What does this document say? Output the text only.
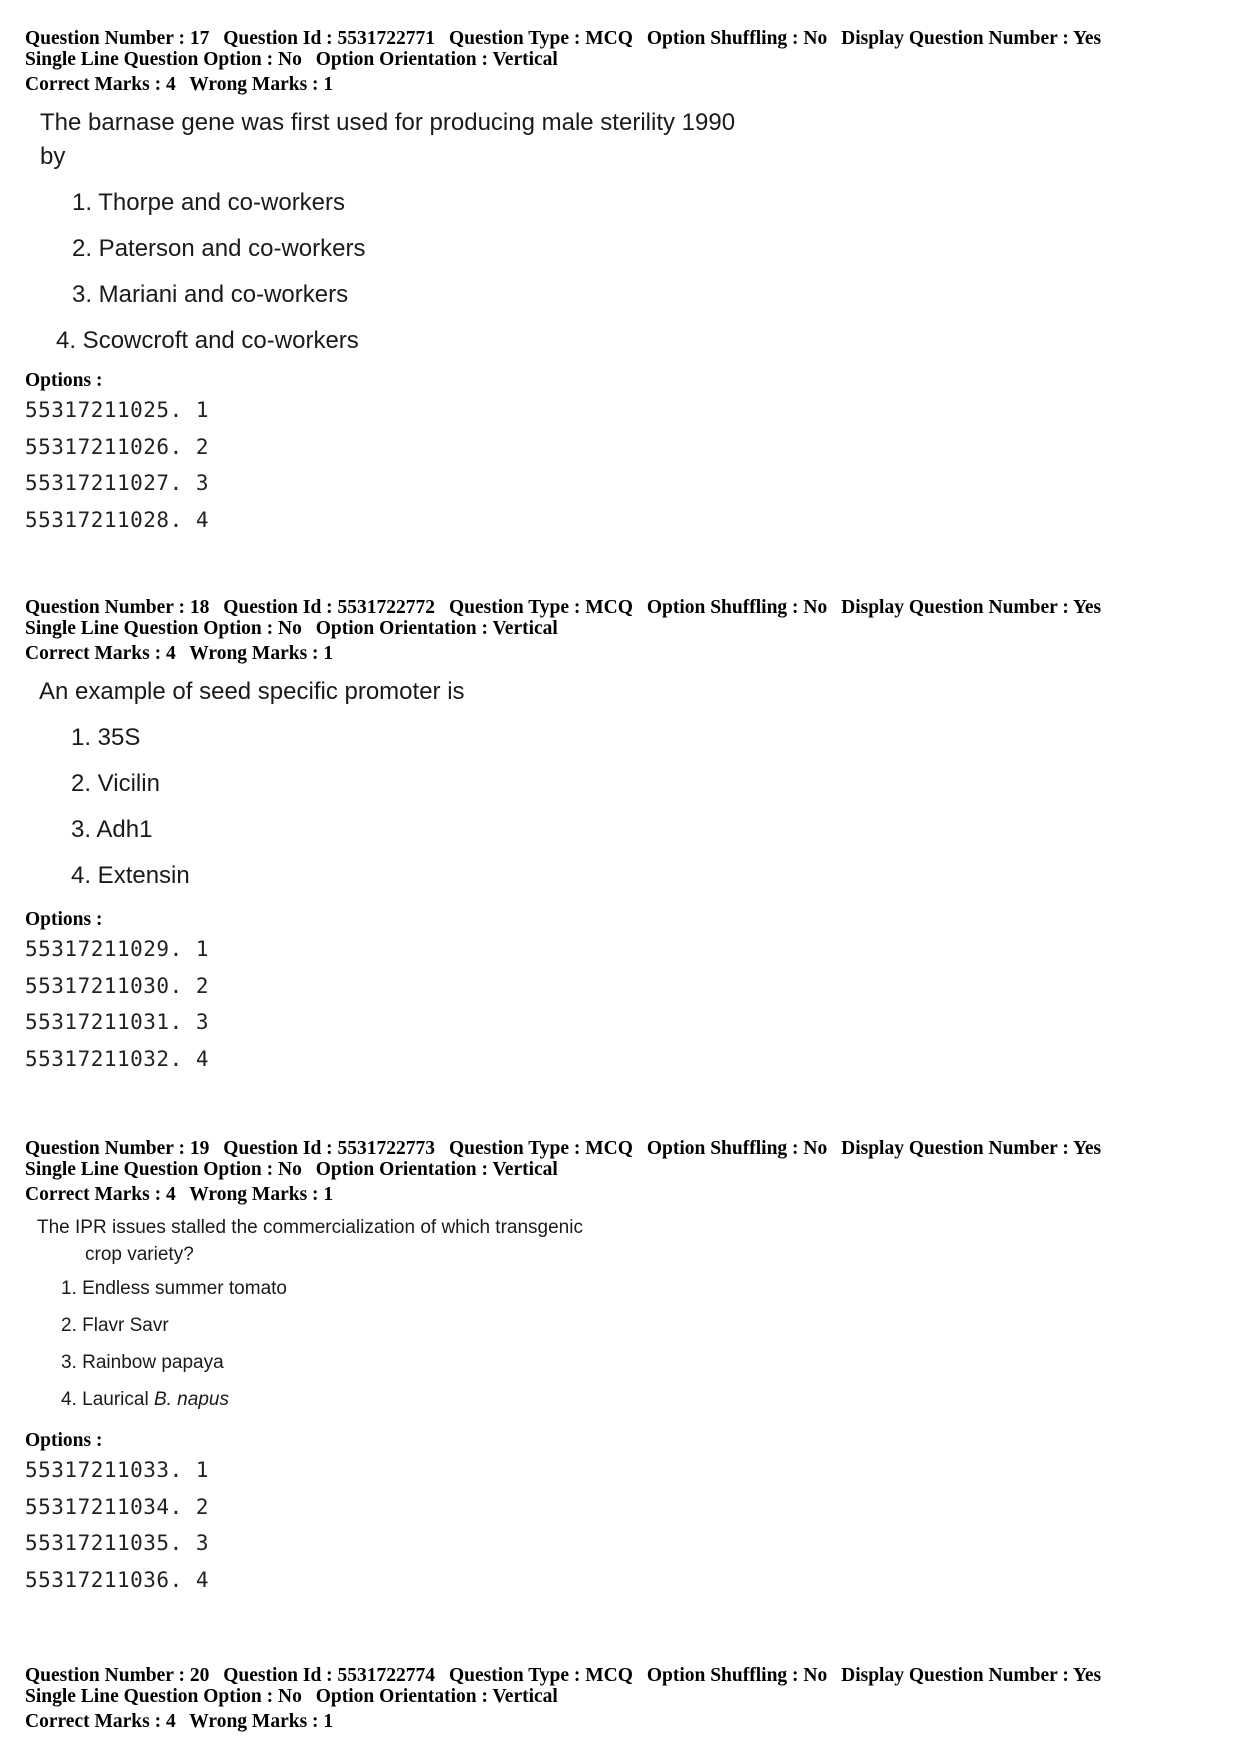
Question Number : 17 Question Id : 5531722771 Question Type : MCQ Option Shuffling : No Display Question Number : Yes
Single Line Question Option : No Option Orientation : Vertical
Correct Marks : 4 Wrong Marks : 1
The barnase gene was first used for producing male sterility 1990
by
1. Thorpe and co-workers
2. Paterson and co-workers
3. Mariani and co-workers
4. Scowcroft and co-workers
Options :
55317211025. 1
55317211026. 2
55317211027. 3
55317211028. 4
Question Number : 18 Question Id : 5531722772 Question Type : MCQ Option Shuffling : No Display Question Number : Yes
Single Line Question Option : No Option Orientation : Vertical
Correct Marks : 4 Wrong Marks : 1
An example of seed specific promoter is
1. 35S
2. Vicilin
3. Adh1
4. Extensin
Options :
55317211029. 1
55317211030. 2
55317211031. 3
55317211032. 4
Question Number : 19 Question Id : 5531722773 Question Type : MCQ Option Shuffling : No Display Question Number : Yes
Single Line Question Option : No Option Orientation : Vertical
Correct Marks : 4 Wrong Marks : 1
The IPR issues stalled the commercialization of which transgenic
crop variety?
1. Endless summer tomato
2. Flavr Savr
3. Rainbow papaya
4. Laurical B. napus
Options :
55317211033. 1
55317211034. 2
55317211035. 3
55317211036. 4
Question Number : 20 Question Id : 5531722774 Question Type : MCQ Option Shuffling : No Display Question Number : Yes
Single Line Question Option : No Option Orientation : Vertical
Correct Marks : 4 Wrong Marks : 1
